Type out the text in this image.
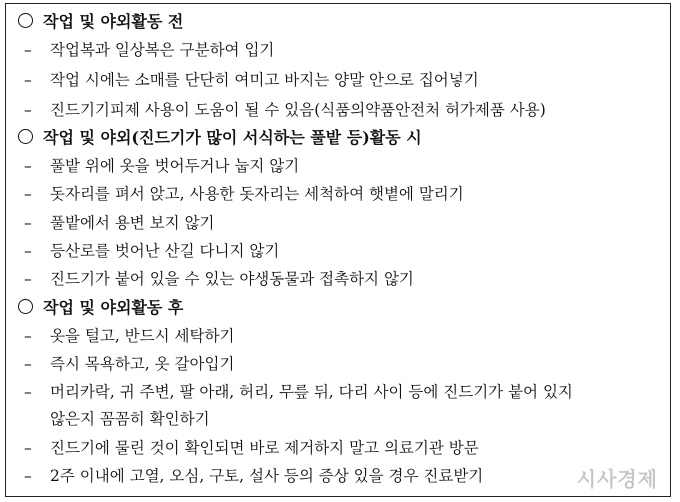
작업 및 야외활동 전
– 작업복과 일상복은 구분하여 입기
– 작업 시에는 소매를 단단히 여미고 바지는 양말 안으로 집어넣기
– 진드기기피제 사용이 도움이 될 수 있음(식품의약품안전처 허가제품 사용)
작업 및 야외(진드기가 많이 서식하는 풀밭 등)활동 시
– 풀밭 위에 옷을 벗어두거나 눕지 않기
– 돗자리를 펴서 앉고, 사용한 돗자리는 세척하여 햇볕에 말리기
– 풀밭에서 용변 보지 않기
– 등산로를 벗어난 산길 다니지 않기
– 진드기가 붙어 있을 수 있는 야생동물과 접촉하지 않기
작업 및 야외활동 후
– 옷을 털고, 반드시 세탁하기
– 즉시 목욕하고, 옷 갈아입기
– 머리카락, 귀 주변, 팔 아래, 허리, 무릎 뒤, 다리 사이 등에 진드기가 붙어 있지
않은지 꼼꼼히 확인하기
– 진드기에 물린 것이 확인되면 바로 제거하지 말고 의료기관 방문
– 2주 이내에 고열, 오심, 구토, 설사 등의 증상 있을 경우 진료받기	시사경제
